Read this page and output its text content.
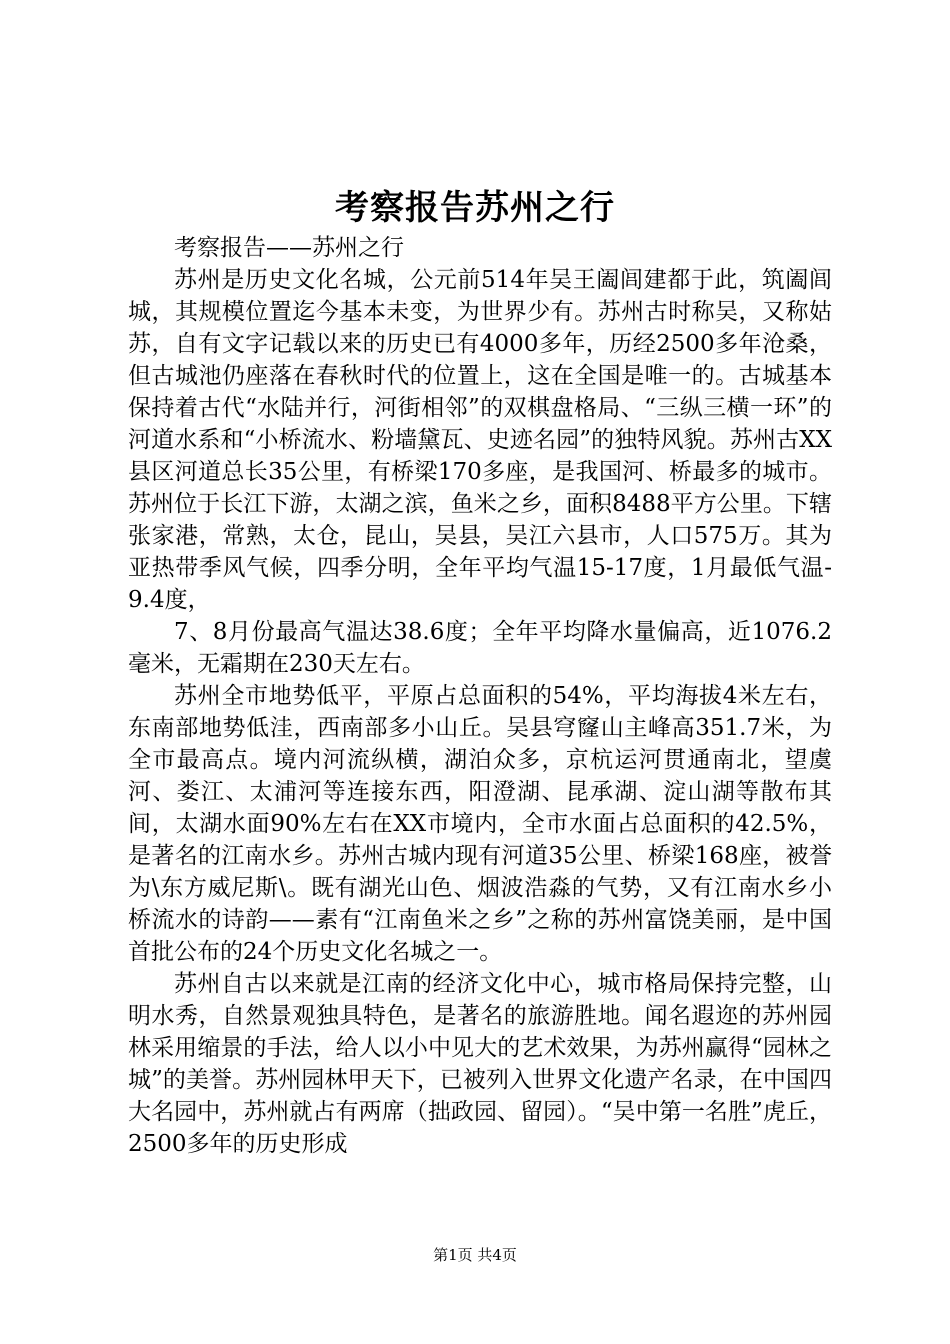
考察报告苏州之行

考察报告——苏州之行

苏州是历史文化名城，公元前514年吴王阖闾建都于此，筑阖闾城，其规模位置迄今基本未变，为世界少有。苏州古时称吴，又称姑苏，自有文字记载以来的历史已有4000多年，历经2500多年沧桑，但古城池仍座落在春秋时代的位置上，这在全国是唯一的。古城基本保持着古代“水陆并行，河街相邻”的双棋盘格局、“三纵三横一环”的河道水系和“小桥流水、粉墙黛瓦、史迹名园”的独特风貌。苏州古XX县区河道总长35公里，有桥梁170多座，是我国河、桥最多的城市。苏州位于长江下游，太湖之滨，鱼米之乡，面积8488平方公里。下辖张家港，常熟，太仓，昆山，吴县，吴江六县市，人口575万。其为亚热带季风气候，四季分明，全年平均气温15-17度，1月最低气温-9.4度，

7、8月份最高气温达38.6度；全年平均降水量偏高，近1076.2毫米，无霜期在230天左右。

苏州全市地势低平，平原占总面积的54%，平均海拔4米左右，东南部地势低洼，西南部多小山丘。吴县穹窿山主峰高351.7米，为全市最高点。境内河流纵横，湖泊众多，京杭运河贯通南北，望虞河、娄江、太浦河等连接东西，阳澄湖、昆承湖、淀山湖等散布其间，太湖水面90%左右在XX市境内，全市水面占总面积的42.5%，是著名的江南水乡。苏州古城内现有河道35公里、桥梁168座，被誉为\东方威尼斯\。既有湖光山色、烟波浩淼的气势，又有江南水乡小桥流水的诗韵——素有“江南鱼米之乡”之称的苏州富饶美丽，是中国首批公布的24个历史文化名城之一。

苏州自古以来就是江南的经济文化中心，城市格局保持完整，山明水秀，自然景观独具特色，是著名的旅游胜地。闻名遐迩的苏州园林采用缩景的手法，给人以小中见大的艺术效果，为苏州赢得“园林之城”的美誉。苏州园林甲天下，已被列入世界文化遗产名录，在中国四大名园中，苏州就占有两席（拙政园、留园）。“吴中第一名胜”虎丘，2500多年的历史形成

第1页 共4页
